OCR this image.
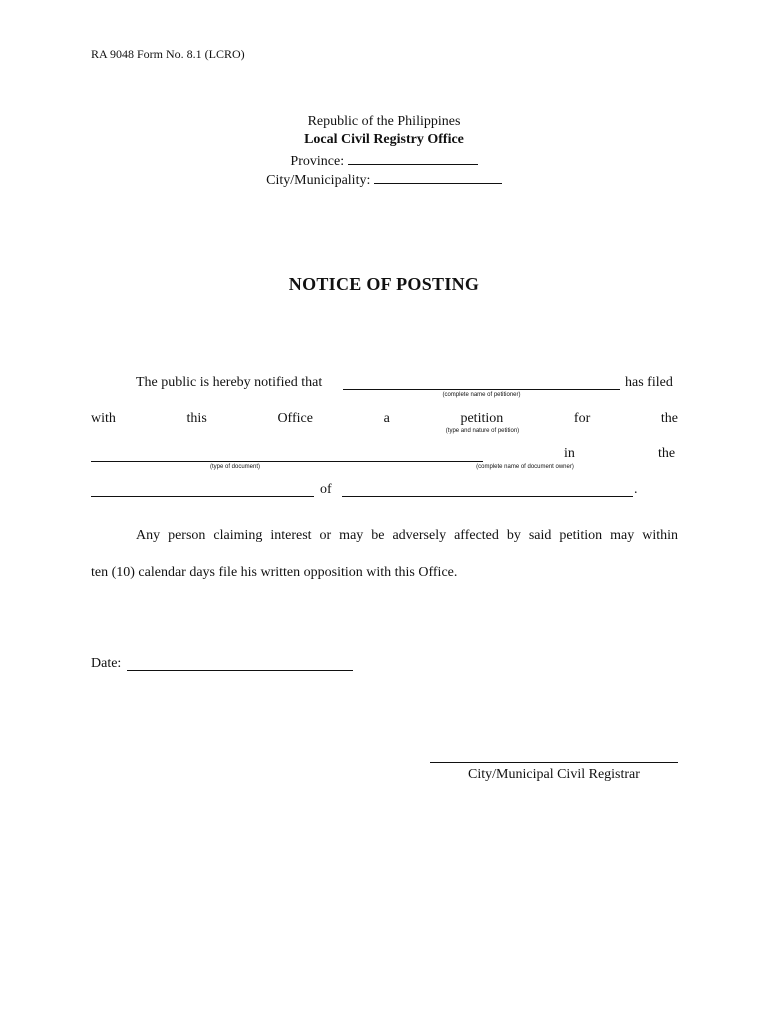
RA 9048 Form No. 8.1 (LCRO)
Republic of the Philippines
Local Civil Registry Office
Province:
City/Municipality:
NOTICE OF POSTING
The public is hereby notified that	has filed
(complete name of petitioner)
with	this	Office	a	petition	for	the
(type and nature of petition)
in	the
(type of document)	(complete name of document owner)
of	.
Any person claiming interest or may be adversely affected by said petition may within
ten (10) calendar days file his written opposition with this Office.
Date:
City/Municipal Civil Registrar
